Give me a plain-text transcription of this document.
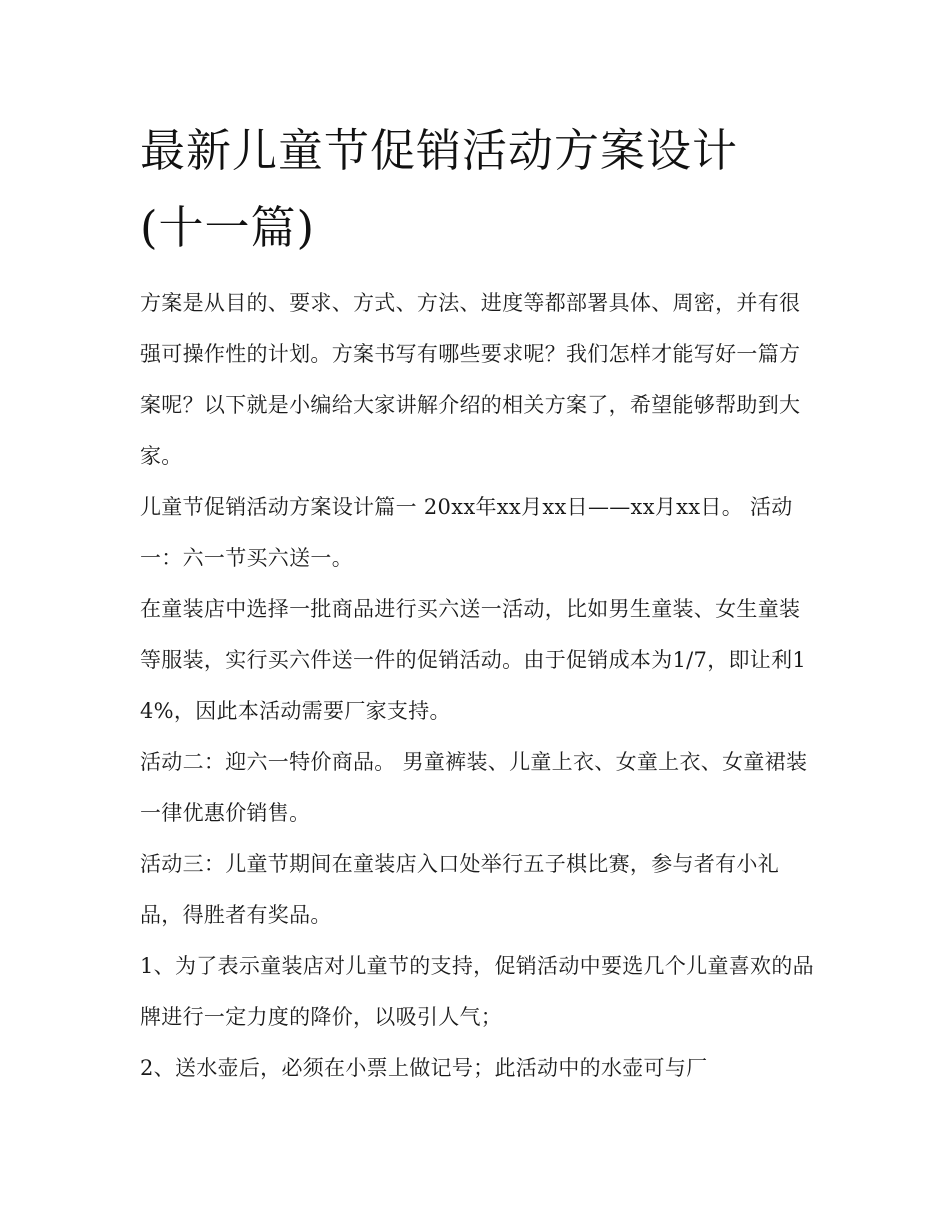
最新儿童节促销活动方案设计
(十一篇)

方案是从目的、要求、方式、方法、进度等都部署具体、周密，并有很强可操作性的计划。方案书写有哪些要求呢？我们怎样才能写好一篇方案呢？以下就是小编给大家讲解介绍的相关方案了，希望能够帮助到大家。

儿童节促销活动方案设计篇一 20xx年xx月xx日——xx月xx日。 活动一：六一节买六送一。

在童装店中选择一批商品进行买六送一活动，比如男生童装、女生童装等服装，实行买六件送一件的促销活动。由于促销成本为1/7，即让利14%，因此本活动需要厂家支持。

活动二：迎六一特价商品。 男童裤装、儿童上衣、女童上衣、女童裙装一律优惠价销售。

活动三：儿童节期间在童装店入口处举行五子棋比赛，参与者有小礼品，得胜者有奖品。

1、为了表示童装店对儿童节的支持，促销活动中要选几个儿童喜欢的品牌进行一定力度的降价，以吸引人气；

2、送水壶后，必须在小票上做记号；此活动中的水壶可与厂
